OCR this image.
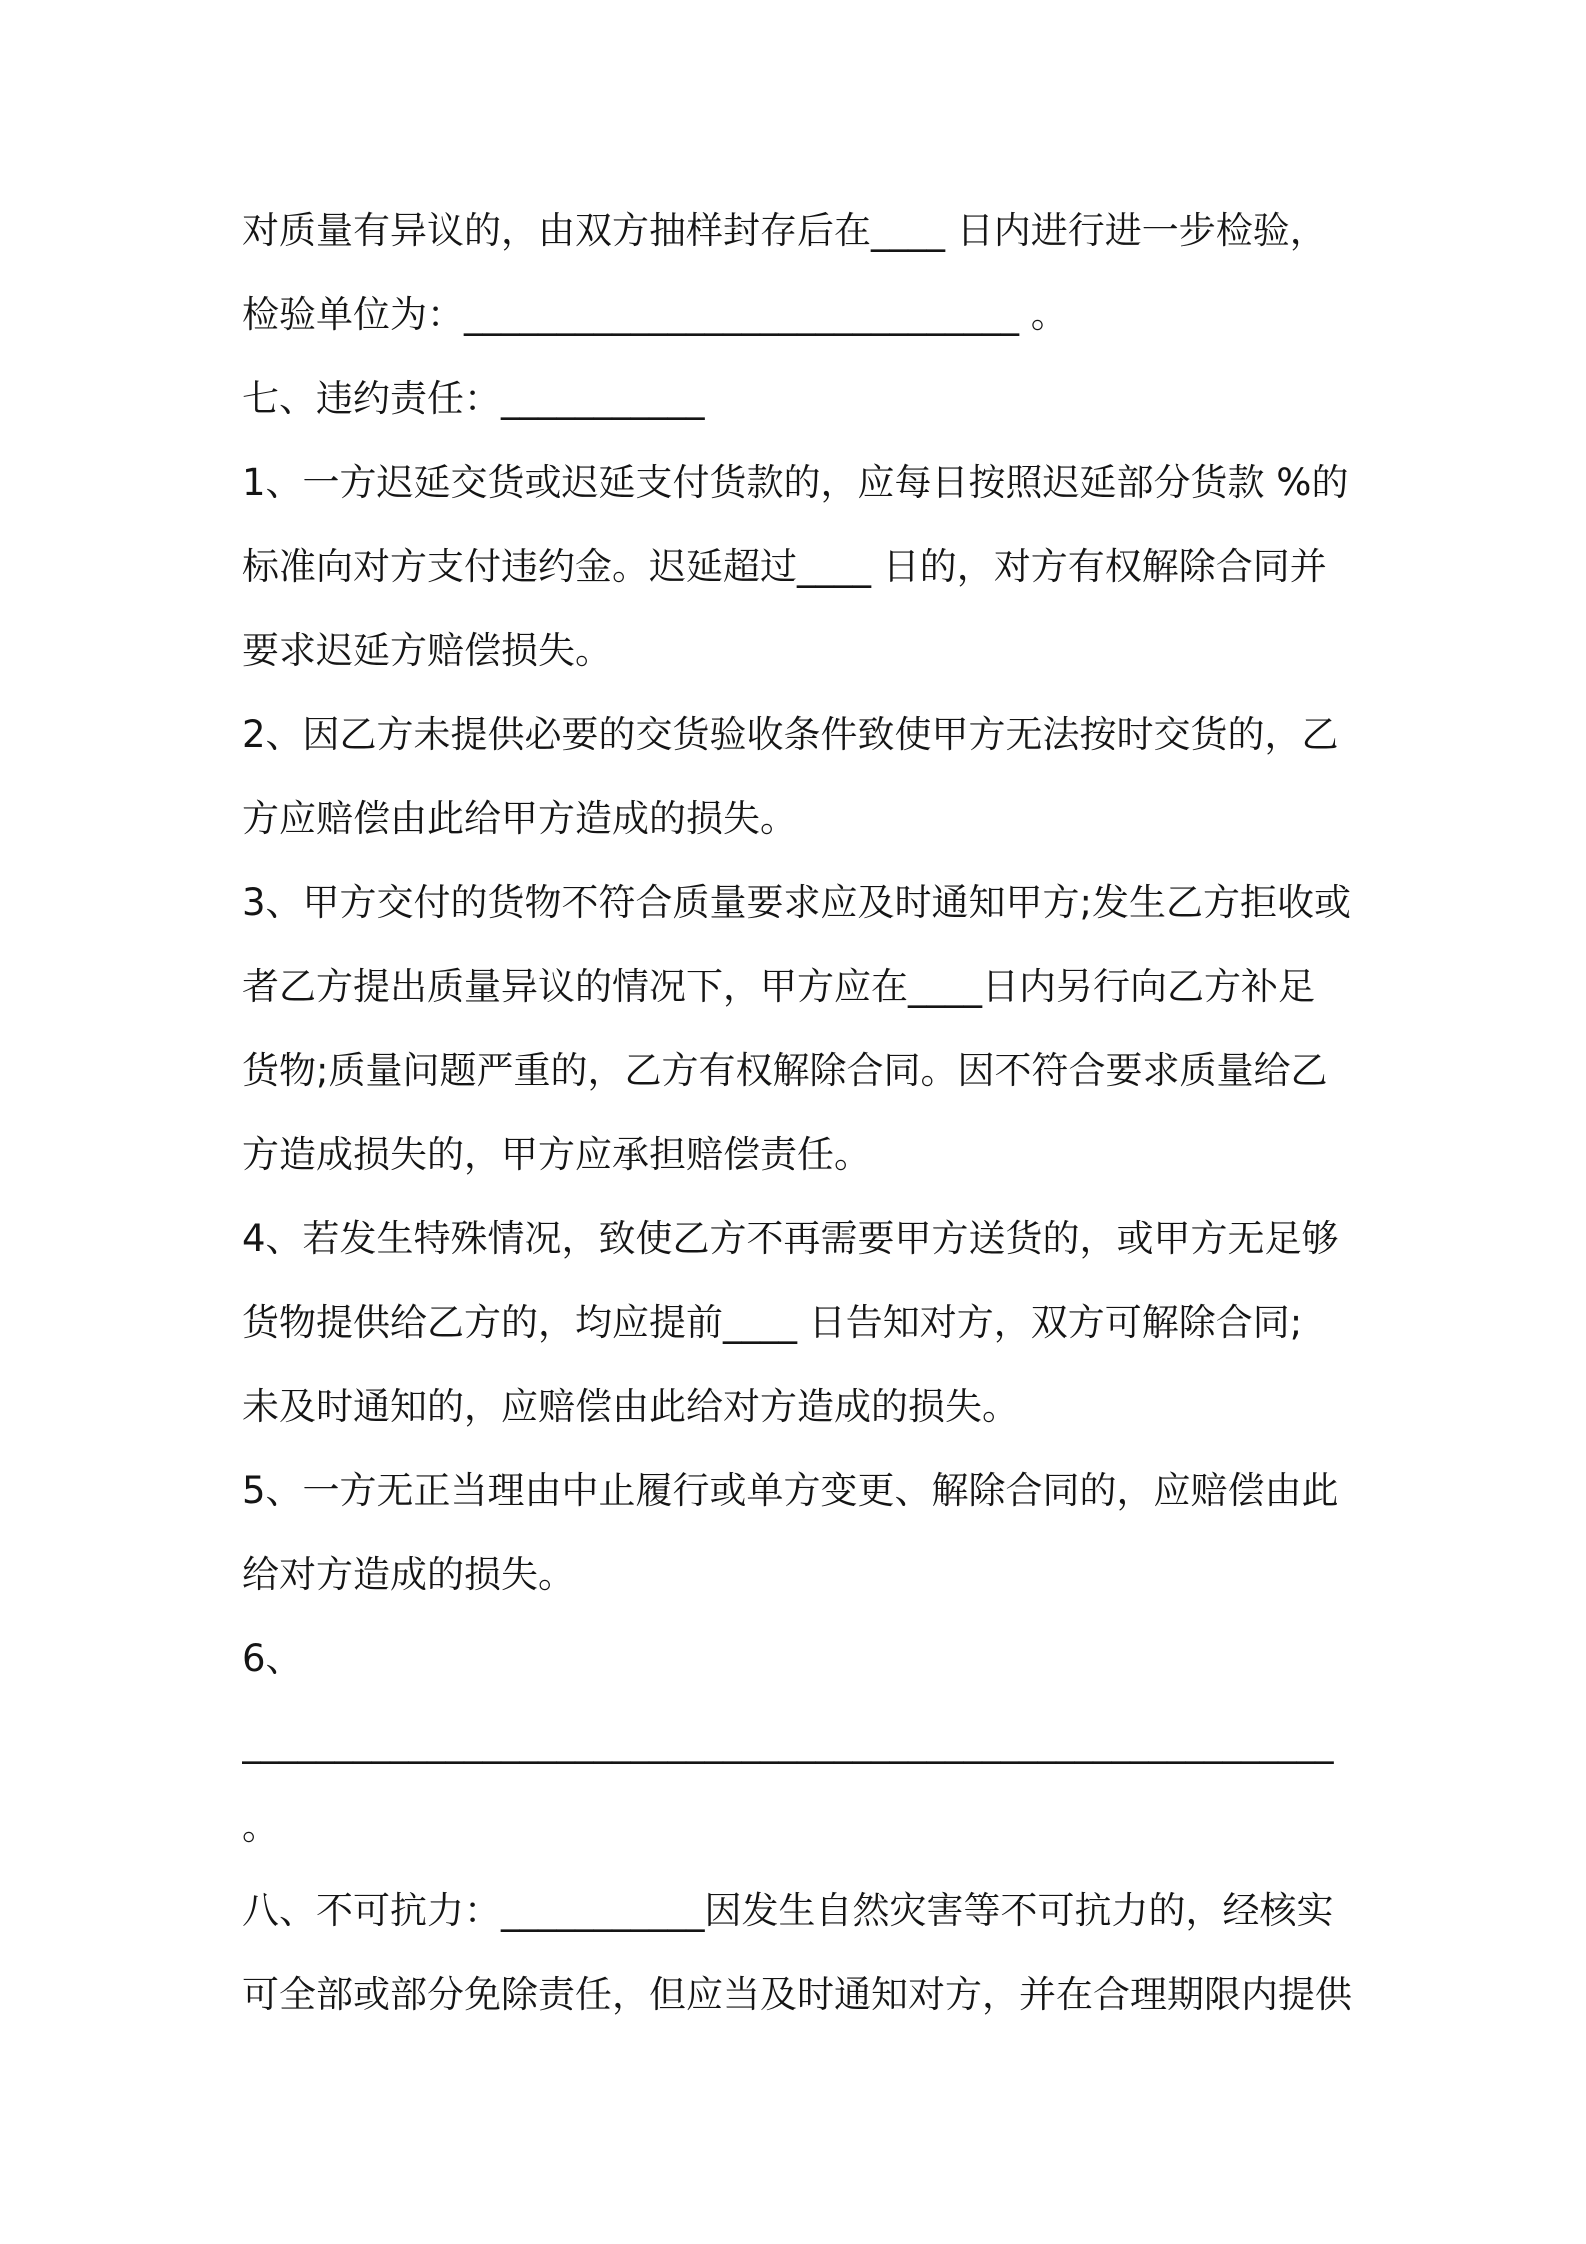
对质量有异议的，由双方抽样封存后在____ 日内进行进一步检验，
检验单位为：______________________________ 。
七、违约责任：___________
1、一方迟延交货或迟延支付货款的，应每日按照迟延部分货款 %的
标准向对方支付违约金。迟延超过____ 日的，对方有权解除合同并
要求迟延方赔偿损失。
2、因乙方未提供必要的交货验收条件致使甲方无法按时交货的，乙
方应赔偿由此给甲方造成的损失。
3、甲方交付的货物不符合质量要求应及时通知甲方;发生乙方拒收或
者乙方提出质量异议的情况下，甲方应在____日内另行向乙方补足
货物;质量问题严重的，乙方有权解除合同。因不符合要求质量给乙
方造成损失的，甲方应承担赔偿责任。
4、若发生特殊情况，致使乙方不再需要甲方送货的，或甲方无足够
货物提供给乙方的，均应提前____ 日告知对方，双方可解除合同;
未及时通知的，应赔偿由此给对方造成的损失。
5、一方无正当理由中止履行或单方变更、解除合同的，应赔偿由此
给对方造成的损失。
6、
___________________________________________________________
。
八、不可抗力：___________因发生自然灾害等不可抗力的，经核实
可全部或部分免除责任，但应当及时通知对方，并在合理期限内提供
